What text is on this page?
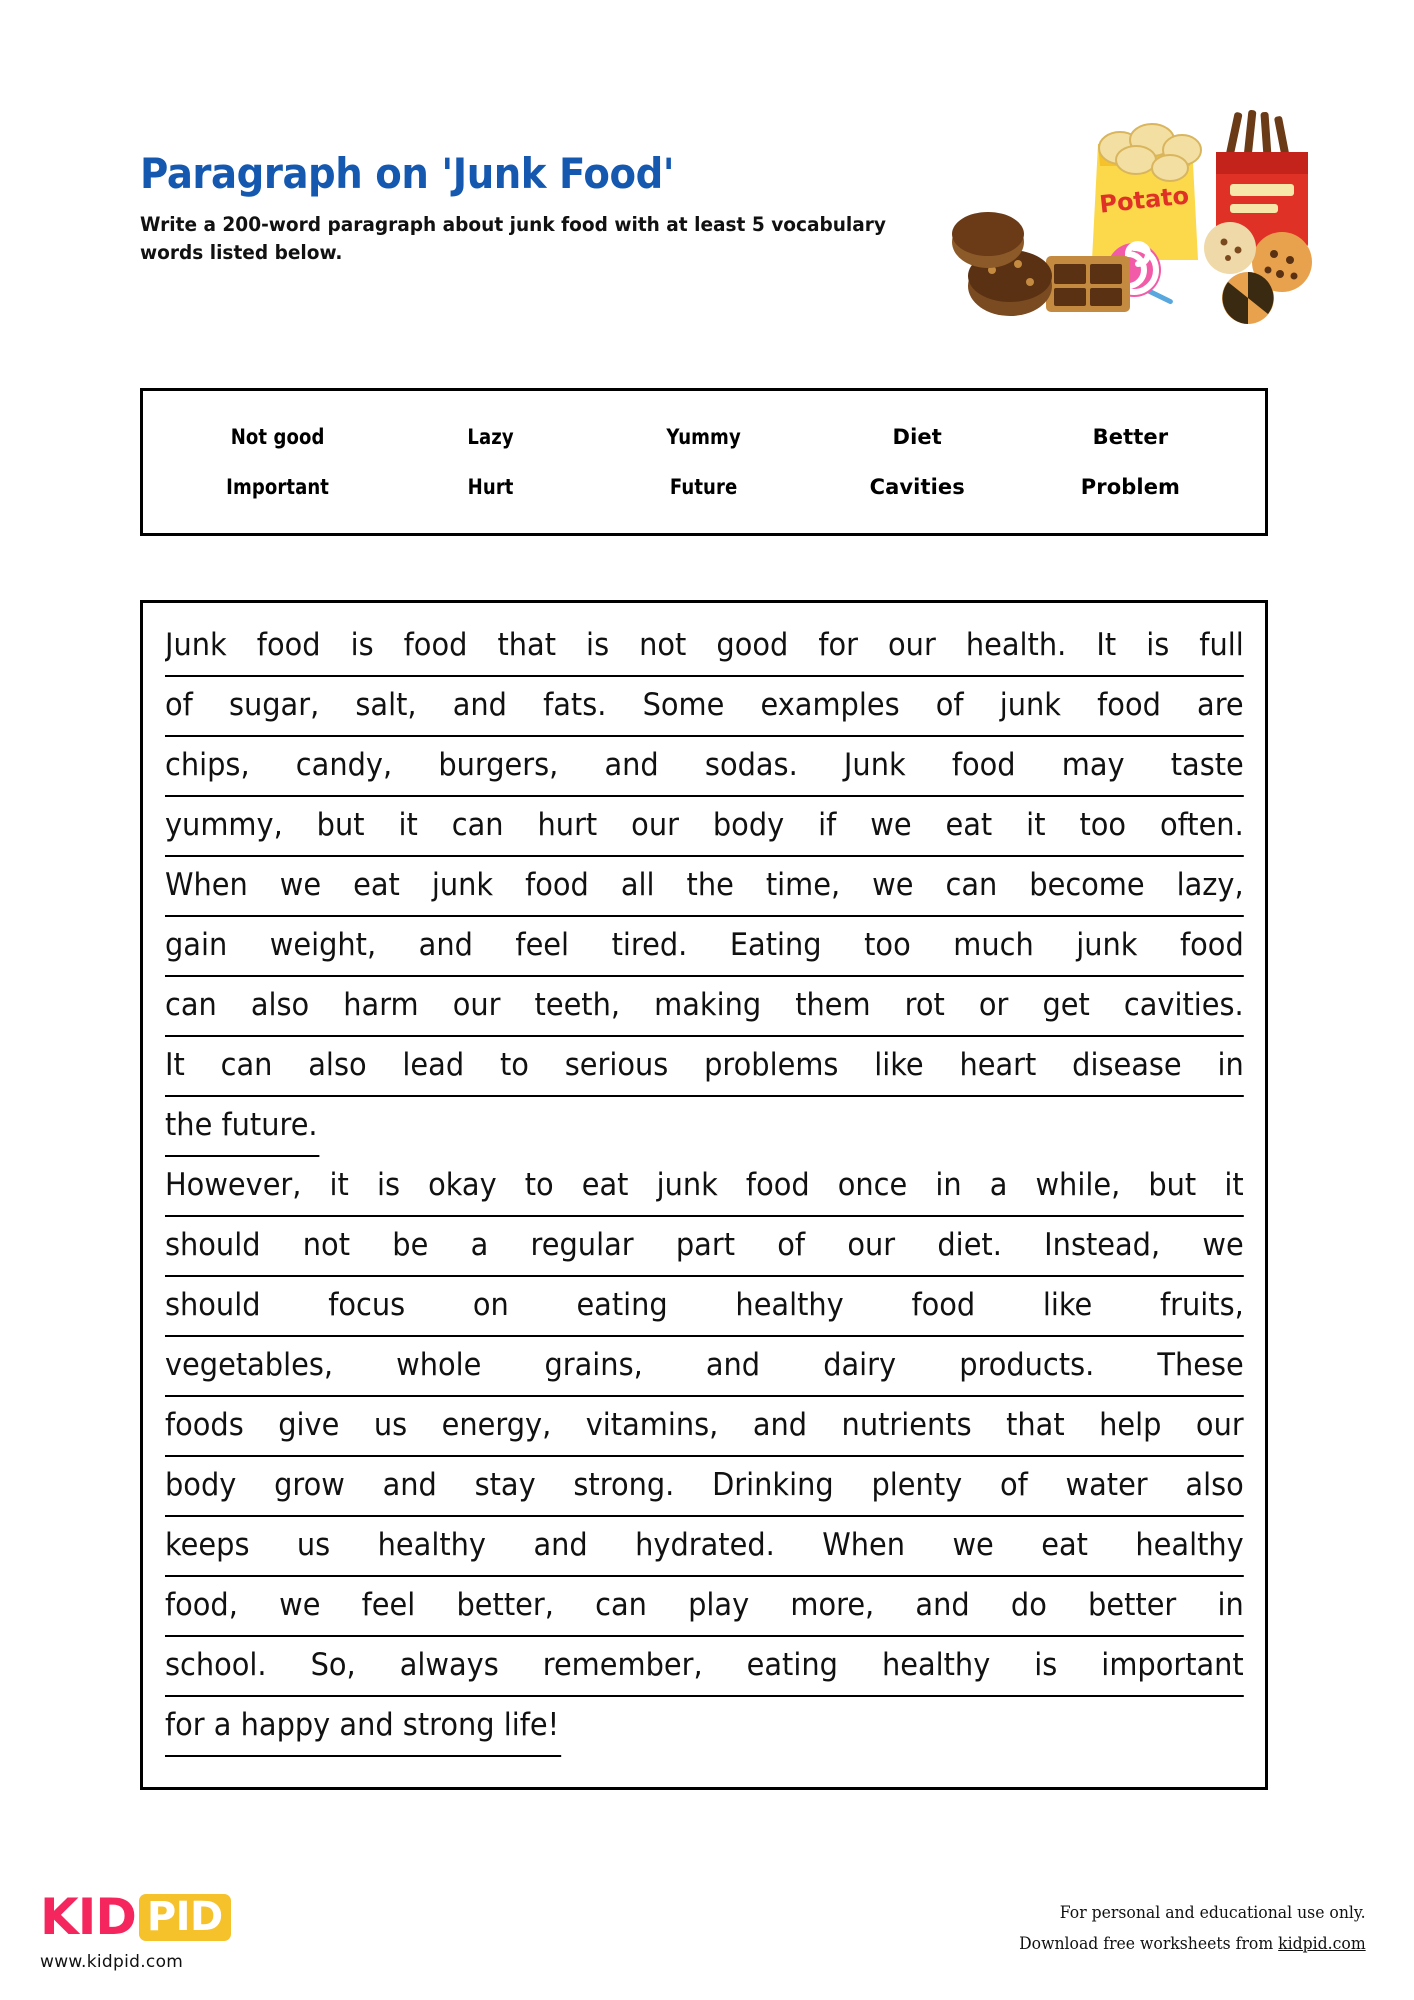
Paragraph on 'Junk Food'
Write a 200-word paragraph about junk food with at least 5 vocabulary words listed below.
Potato
Not good	Lazy	Yummy	Diet	Better
Important	Hurt	Future	Cavities	Problem
Junk food is food that is not good for our health. It is full
of sugar, salt, and fats. Some examples of junk food are
chips, candy, burgers, and sodas. Junk food may taste
yummy, but it can hurt our body if we eat it too often.
When we eat junk food all the time, we can become lazy,
gain weight, and feel tired. Eating too much junk food
can also harm our teeth, making them rot or get cavities.
It can also lead to serious problems like heart disease in
the future.
However, it is okay to eat junk food once in a while, but it
should not be a regular part of our diet. Instead, we
should focus on eating healthy food like fruits,
vegetables, whole grains, and dairy products. These
foods give us energy, vitamins, and nutrients that help our
body grow and stay strong. Drinking plenty of water also
keeps us healthy and hydrated. When we eat healthy
food, we feel better, can play more, and do better in
school. So, always remember, eating healthy is important
for a happy and strong life!
KID PID
www.kidpid.com
For personal and educational use only.
Download free worksheets from kidpid.com
